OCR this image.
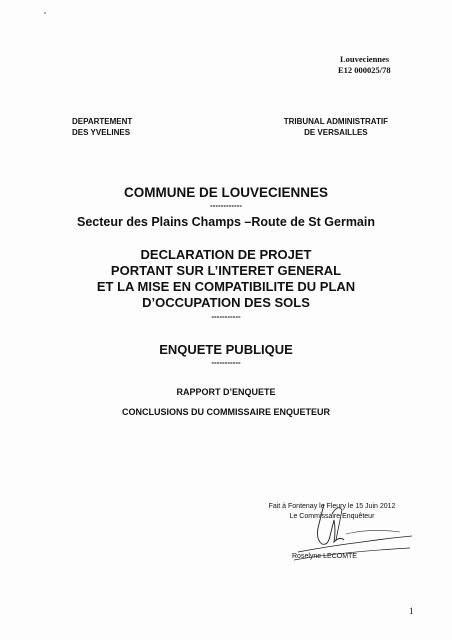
Louveciennes
E12 000025/78
DEPARTEMENT
DES YVELINES
TRIBUNAL ADMINISTRATIF
DE VERSAILLES
COMMUNE DE LOUVECIENNES
------------
Secteur des Plains Champs –Route de St Germain
DECLARATION DE PROJET
PORTANT SUR L’INTERET GENERAL
ET LA MISE EN COMPATIBILITE DU PLAN
D’OCCUPATION DES SOLS
-----------
ENQUETE PUBLIQUE
-----------
RAPPORT D’ENQUETE
CONCLUSIONS DU COMMISSAIRE ENQUETEUR
Fait à Fontenay le Fleury le 15 Juin 2012
Le Commissaire Enquêteur
Roselyne LECOMTE
1
